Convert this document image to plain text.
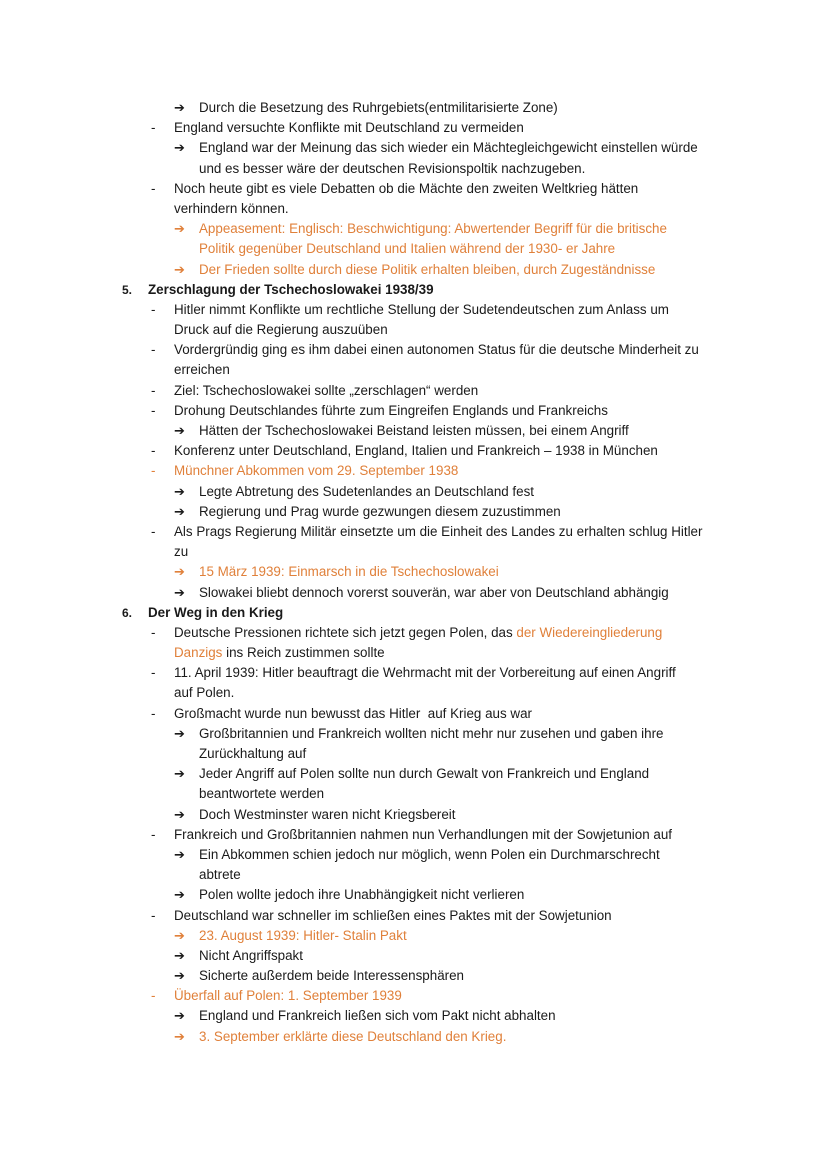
➔ Durch die Besetzung des Ruhrgebiets(entmilitarisierte Zone)
- England versuchte Konflikte mit Deutschland zu vermeiden
➔ England war der Meinung das sich wieder ein Mächtegleichgewicht einstellen würde
und es besser wäre der deutschen Revisionspoltik nachzugeben.
- Noch heute gibt es viele Debatten ob die Mächte den zweiten Weltkrieg hätten
verhindern können.
➔ Appeasement: Englisch: Beschwichtigung: Abwertender Begriff für die britische
Politik gegenüber Deutschland und Italien während der 1930- er Jahre
➔ Der Frieden sollte durch diese Politik erhalten bleiben, durch Zugeständnisse
5. Zerschlagung der Tschechoslowakei 1938/39
- Hitler nimmt Konflikte um rechtliche Stellung der Sudetendeutschen zum Anlass um
Druck auf die Regierung auszuüben
- Vordergründig ging es ihm dabei einen autonomen Status für die deutsche Minderheit zu
erreichen
- Ziel: Tschechoslowakei sollte „zerschlagen“ werden
- Drohung Deutschlandes führte zum Eingreifen Englands und Frankreichs
➔ Hätten der Tschechoslowakei Beistand leisten müssen, bei einem Angriff
- Konferenz unter Deutschland, England, Italien und Frankreich – 1938 in München
- Münchner Abkommen vom 29. September 1938
➔ Legte Abtretung des Sudetenlandes an Deutschland fest
➔ Regierung und Prag wurde gezwungen diesem zuzustimmen
- Als Prags Regierung Militär einsetzte um die Einheit des Landes zu erhalten schlug Hitler
zu
➔ 15 März 1939: Einmarsch in die Tschechoslowakei
➔ Slowakei bliebt dennoch vorerst souverän, war aber von Deutschland abhängig
6. Der Weg in den Krieg
- Deutsche Pressionen richtete sich jetzt gegen Polen, das der Wiedereingliederung
Danzigs ins Reich zustimmen sollte
- 11. April 1939: Hitler beauftragt die Wehrmacht mit der Vorbereitung auf einen Angriff
auf Polen.
- Großmacht wurde nun bewusst das Hitler  auf Krieg aus war
➔ Großbritannien und Frankreich wollten nicht mehr nur zusehen und gaben ihre
Zurückhaltung auf
➔ Jeder Angriff auf Polen sollte nun durch Gewalt von Frankreich und England
beantwortete werden
➔ Doch Westminster waren nicht Kriegsbereit
- Frankreich und Großbritannien nahmen nun Verhandlungen mit der Sowjetunion auf
➔ Ein Abkommen schien jedoch nur möglich, wenn Polen ein Durchmarschrecht
abtrete
➔ Polen wollte jedoch ihre Unabhängigkeit nicht verlieren
- Deutschland war schneller im schließen eines Paktes mit der Sowjetunion
➔ 23. August 1939: Hitler- Stalin Pakt
➔ Nicht Angriffspakt
➔ Sicherte außerdem beide Interessensphären
- Überfall auf Polen: 1. September 1939
➔ England und Frankreich ließen sich vom Pakt nicht abhalten
➔ 3. September erklärte diese Deutschland den Krieg.
